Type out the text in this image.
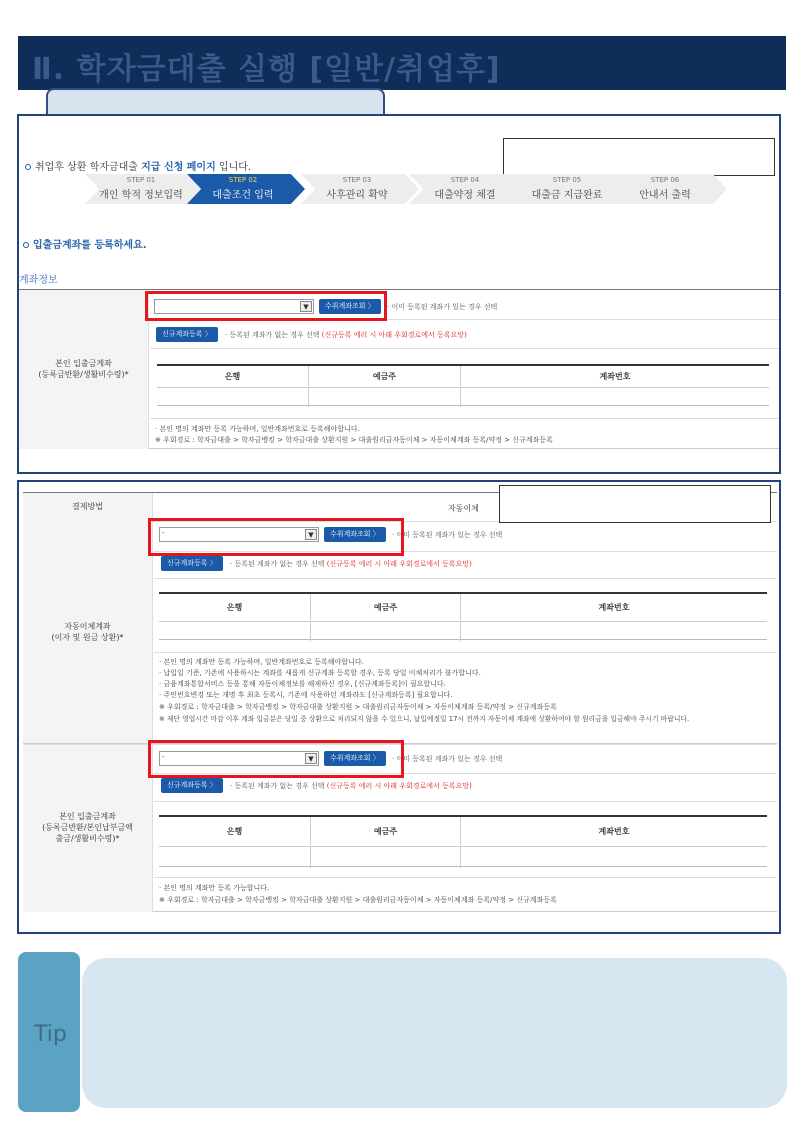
Ⅱ. 학자금대출 실행 [일반/취업후]
취업후 상환 학자금대출 지급 신청 페이지 입니다.
STEP 01
개인 학적 정보입력
STEP 02
대출조건 입력
STEP 03
사후관리 확약
STEP 04
대출약정 체결
STEP 05
대출금 지급완료
STEP 06
안내서 출력
입출금계좌를 등록하세요.
계좌정보
본인 입출금계좌
(등록금반환/생활비수령)*
▼	수취계좌조회 〉	· 이미 등록된 계좌가 있는 경우 선택
신규계좌등록 〉	· 등록된 계좌가 없는 경우 선택 (신규등록 에러 시 아래 우회경로에서 등록요망)
은행	예금주	계좌번호
· 본인 명의 계좌만 등록 가능하며, 일반계좌번호로 등록해야합니다.
※ 우회경로 : 학자금대출 > 학자금뱅킹 > 학자금대출 상환지원 > 대출원리금자동이체 > 자동이체계좌 등록/약정 > 신규계좌등록
결제방법	자동이체
자동이체계좌
(이자 및 원금 상환)*
-	▼	수취계좌조회 〉	· 이미 등록된 계좌가 있는 경우 선택
신규계좌등록 〉	· 등록된 계좌가 없는 경우 선택 (신규등록 에러 시 아래 우회경로에서 등록요망)
은행	예금주	계좌번호
· 본인 명의 계좌만 등록 가능하며, 일반계좌번호로 등록해야합니다.
· 납입일 기준, 기존에 사용하시는 계좌를 새롭게 신규계좌 등록할 경우, 등록 당일 이체처리가 불가합니다.
· 금융계좌통합서비스 등을 통해 자동이체정보를 해제하신 경우, [신규계좌등록]이 필요합니다.
· 주민번호변경 또는 개명 후 최초 등록시, 기존에 사용하던 계좌라도 [신규계좌등록] 필요합니다.
※ 우회경로 : 학자금대출 > 학자금뱅킹 > 학자금대출 상환지원 > 대출원리금자동이체 > 자동이체계좌 등록/약정 > 신규계좌등록
※ 재단 영업시간 마감 이후 계좌 입금분은 당일 중 상환으로 처리되지 않을 수 있으니, 납입예정일 17시 전까지 자동이체 계좌에 상환하여야 할 원리금을 입금해야 주시기 바랍니다.
본인 입출금계좌
(등록금반환/본인납부금액
출금/생활비수령)*
-	▼	수취계좌조회 〉	· 이미 등록된 계좌가 있는 경우 선택
신규계좌등록 〉	· 등록된 계좌가 없는 경우 선택 (신규등록 에러 시 아래 우회경로에서 등록요망)
은행	예금주	계좌번호
· 본인 명의 계좌만 등록 가능합니다.
※ 우회경로 : 학자금대출 > 학자금뱅킹 > 학자금대출 상환지원 > 대출원리금자동이체 > 자동이체계좌 등록/약정 > 신규계좌등록
Tip
